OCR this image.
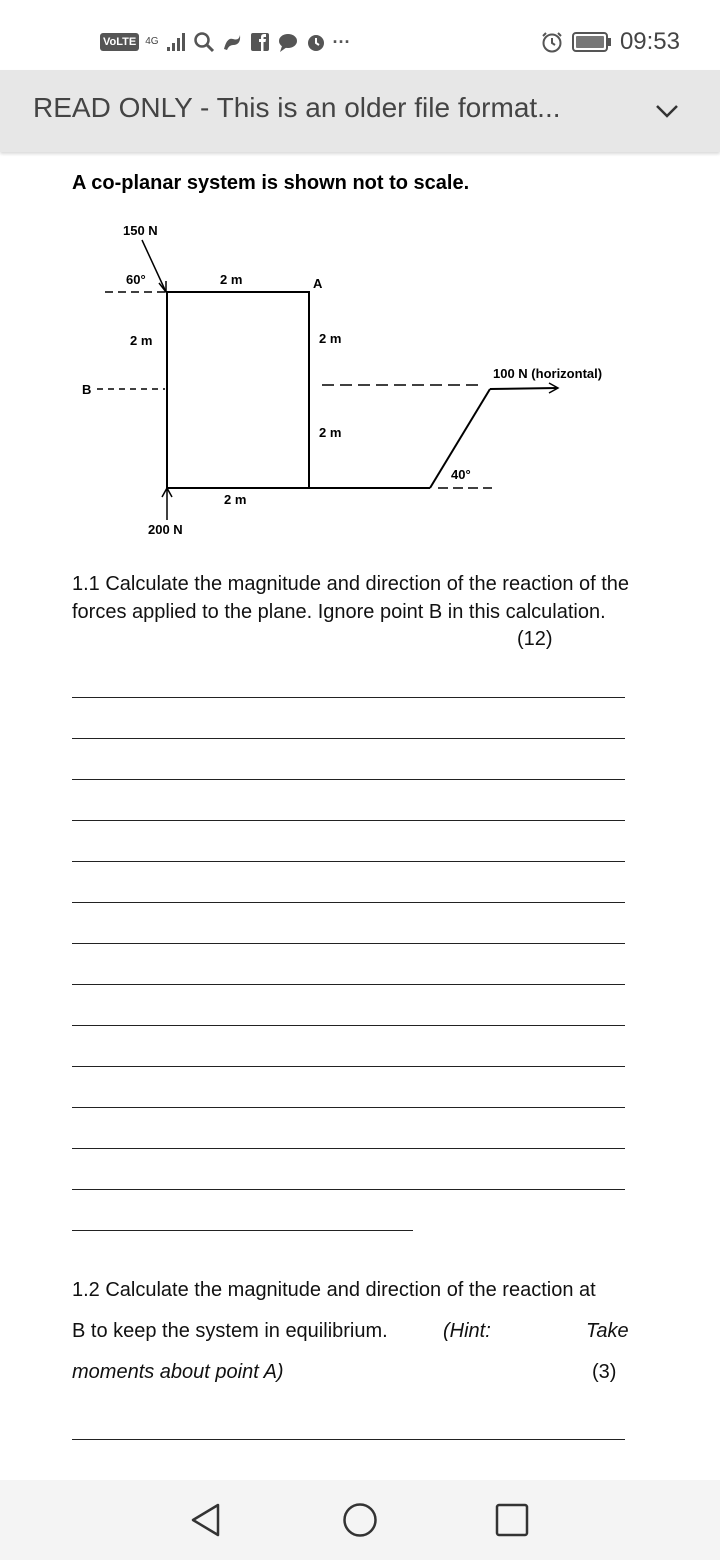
VoLTE 4G	···	09:53
READ ONLY - This is an older file format...
A co-planar system is shown not to scale.
150 N
60°	2 m	A
2 m	2 m
B
100 N (horizontal)
2 m
40°
2 m
200 N
1.1 Calculate the magnitude and direction of the reaction of the forces applied to the plane. Ignore point B in this calculation.
(12)
1.2 Calculate the magnitude and direction of the reaction at
B to keep the system in equilibrium.	(Hint:	Take
moments about point A)	(3)
